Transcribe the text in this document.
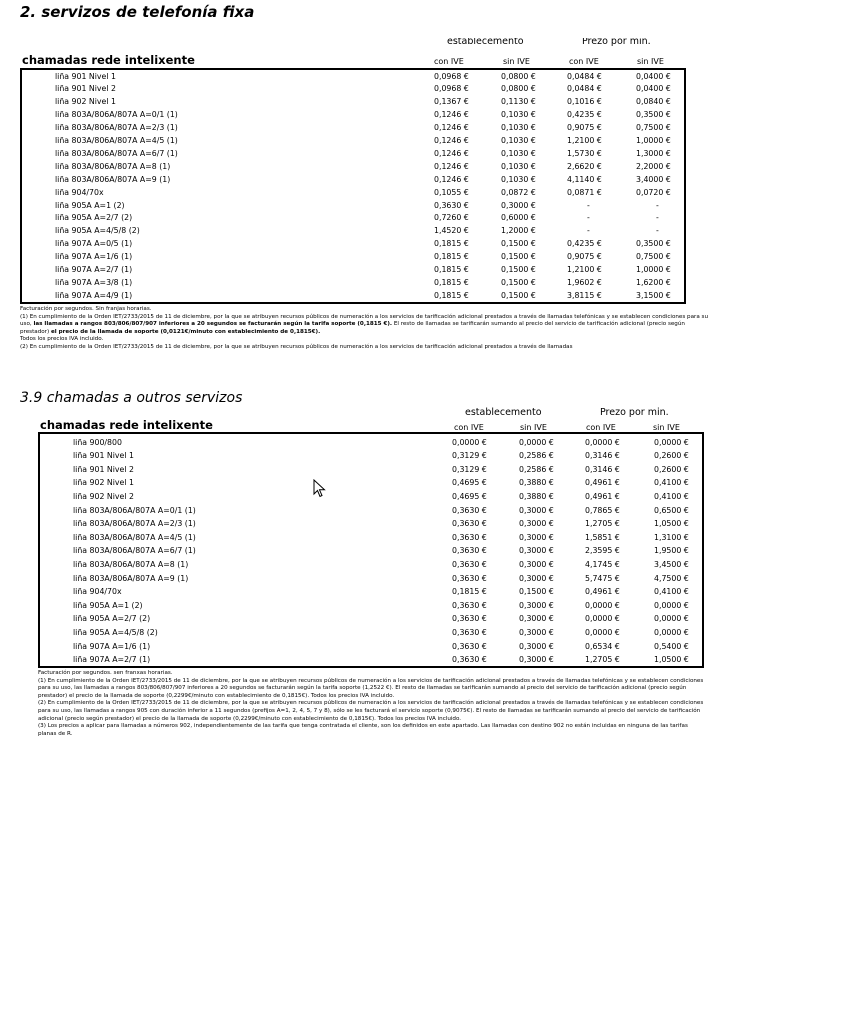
2. servizos de telefonía fixa
establecemento	Prezo por min.
chamadas rede intelixente	con IVE	sin IVE	con IVE	sin IVE
liña 901 Nivel 1	0,0968 €	0,0800 €	0,0484 €	0,0400 €
liña 901 Nivel 2	0,0968 €	0,0800 €	0,0484 €	0,0400 €
liña 902 Nivel 1	0,1367 €	0,1130 €	0,1016 €	0,0840 €
liña 803A/806A/807A A=0/1 (1)	0,1246 €	0,1030 €	0,4235 €	0,3500 €
liña 803A/806A/807A A=2/3 (1)	0,1246 €	0,1030 €	0,9075 €	0,7500 €
liña 803A/806A/807A A=4/5 (1)	0,1246 €	0,1030 €	1,2100 €	1,0000 €
liña 803A/806A/807A A=6/7 (1)	0,1246 €	0,1030 €	1,5730 €	1,3000 €
liña 803A/806A/807A A=8 (1)	0,1246 €	0,1030 €	2,6620 €	2,2000 €
liña 803A/806A/807A A=9 (1)	0,1246 €	0,1030 €	4,1140 €	3,4000 €
liña 904/70x	0,1055 €	0,0872 €	0,0871 €	0,0720 €
liña 905A A=1 (2)	0,3630 €	0,3000 €	-	-
liña 905A A=2/7 (2)	0,7260 €	0,6000 €	-	-
liña 905A A=4/5/8 (2)	1,4520 €	1,2000 €	-	-
liña 907A A=0/5 (1)	0,1815 €	0,1500 €	0,4235 €	0,3500 €
liña 907A A=1/6 (1)	0,1815 €	0,1500 €	0,9075 €	0,7500 €
liña 907A A=2/7 (1)	0,1815 €	0,1500 €	1,2100 €	1,0000 €
liña 907A A=3/8 (1)	0,1815 €	0,1500 €	1,9602 €	1,6200 €
liña 907A A=4/9 (1)	0,1815 €	0,1500 €	3,8115 €	3,1500 €

Facturación por segundos. Sin franjas horarias.

(1) En cumplimiento de la Orden IET/2733/2015 de 11 de diciembre, por la que se atribuyen recursos públicos de numeración a los servicios de tarificación adicional prestados a través de llamadas telefónicas y se establecen condiciones para su uso, las llamadas a rangos 803/806/807/907 inferiores a 20 segundos se facturarán según la tarifa soporte (0,1815 €). El resto de llamadas se tarificarán sumando al precio del servicio de tarificación adicional (precio según prestador) el precio de la llamada de soporte (0,0121€/minuto con establecimiento de 0,1815€).

Todos los precios IVA incluido.

(2) En cumplimiento de la Orden IET/2733/2015 de 11 de diciembre, por la que se atribuyen recursos públicos de numeración a los servicios de tarificación adicional prestados a través de llamadas

3.9 chamadas a outros servizos
establecemento	Prezo por min.
chamadas rede intelixente	con IVE	sin IVE	con IVE	sin IVE
liña 900/800	0,0000 €	0,0000 €	0,0000 €	0,0000 €
liña 901 Nivel 1	0,3129 €	0,2586 €	0,3146 €	0,2600 €
liña 901 Nivel 2	0,3129 €	0,2586 €	0,3146 €	0,2600 €
liña 902 Nivel 1	0,4695 €	0,3880 €	0,4961 €	0,4100 €
liña 902 Nivel 2	0,4695 €	0,3880 €	0,4961 €	0,4100 €
liña 803A/806A/807A A=0/1 (1)	0,3630 €	0,3000 €	0,7865 €	0,6500 €
liña 803A/806A/807A A=2/3 (1)	0,3630 €	0,3000 €	1,2705 €	1,0500 €
liña 803A/806A/807A A=4/5 (1)	0,3630 €	0,3000 €	1,5851 €	1,3100 €
liña 803A/806A/807A A=6/7 (1)	0,3630 €	0,3000 €	2,3595 €	1,9500 €
liña 803A/806A/807A A=8 (1)	0,3630 €	0,3000 €	4,1745 €	3,4500 €
liña 803A/806A/807A A=9 (1)	0,3630 €	0,3000 €	5,7475 €	4,7500 €
liña 904/70x	0,1815 €	0,1500 €	0,4961 €	0,4100 €
liña 905A A=1 (2)	0,3630 €	0,3000 €	0,0000 €	0,0000 €
liña 905A A=2/7 (2)	0,3630 €	0,3000 €	0,0000 €	0,0000 €
liña 905A A=4/5/8 (2)	0,3630 €	0,3000 €	0,0000 €	0,0000 €
liña 907A A=1/6 (1)	0,3630 €	0,3000 €	0,6534 €	0,5400 €
liña 907A A=2/7 (1)	0,3630 €	0,3000 €	1,2705 €	1,0500 €

Facturación por segundos. sen franxas horarias.

(1) En cumplimiento de la Orden IET/2733/2015 de 11 de diciembre, por la que se atribuyen recursos públicos de numeración a los servicios de tarificación adicional prestados a través de llamadas telefónicas y se establecen condiciones para su uso, las llamadas a rangos 803/806/807/907 inferiores a 20 segundos se facturarán según la tarifa soporte (1,2522 €). El resto de llamadas se tarificarán sumando al precio del servicio de tarificación adicional (precio según prestador) el precio de la llamada de soporte (0,2299€/minuto con establecimiento de 0,1815€). Todos los precios IVA incluido.

(2) En cumplimiento de la Orden IET/2733/2015 de 11 de diciembre, por la que se atribuyen recursos públicos de numeración a los servicios de tarificación adicional prestados a través de llamadas telefónicas y se establecen condiciones para su uso, las llamadas a rangos 905 con duración inferior a 11 segundos (prefijos A=1, 2, 4, 5, 7 y 8), sólo se les facturará el servicio soporte (0,9075€). El resto de llamadas se tarificarán sumando al precio del servicio de tarificación adicional (precio según prestador) el precio de la llamada de soporte (0,2299€/minuto con establecimiento de 0,1815€). Todos los precios IVA incluido.

(3) Los precios a aplicar para llamadas a números 902, independientemente de las tarifa que tenga contratada el cliente, son los definidos en este apartado. Las llamadas con destino 902 no están incluidas en ninguna de las tarifas planas de R.
